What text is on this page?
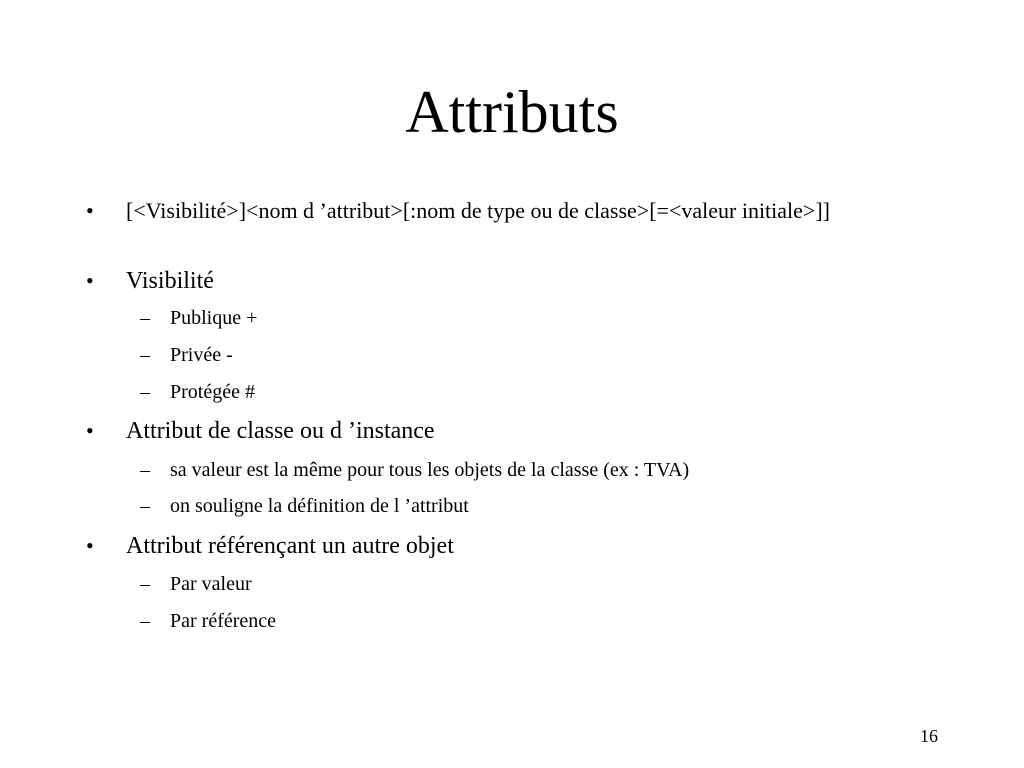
Attributs
• [<Visibilité>]<nom d ’attribut>[:nom de type ou de classe>[=<valeur initiale>]]
• Visibilité
– Publique +
– Privée -
– Protégée #
• Attribut de classe ou d ’instance
– sa valeur est la même pour tous les objets de la classe (ex : TVA)
– on souligne la définition de l ’attribut
• Attribut référençant un autre objet
– Par valeur
– Par référence
16
